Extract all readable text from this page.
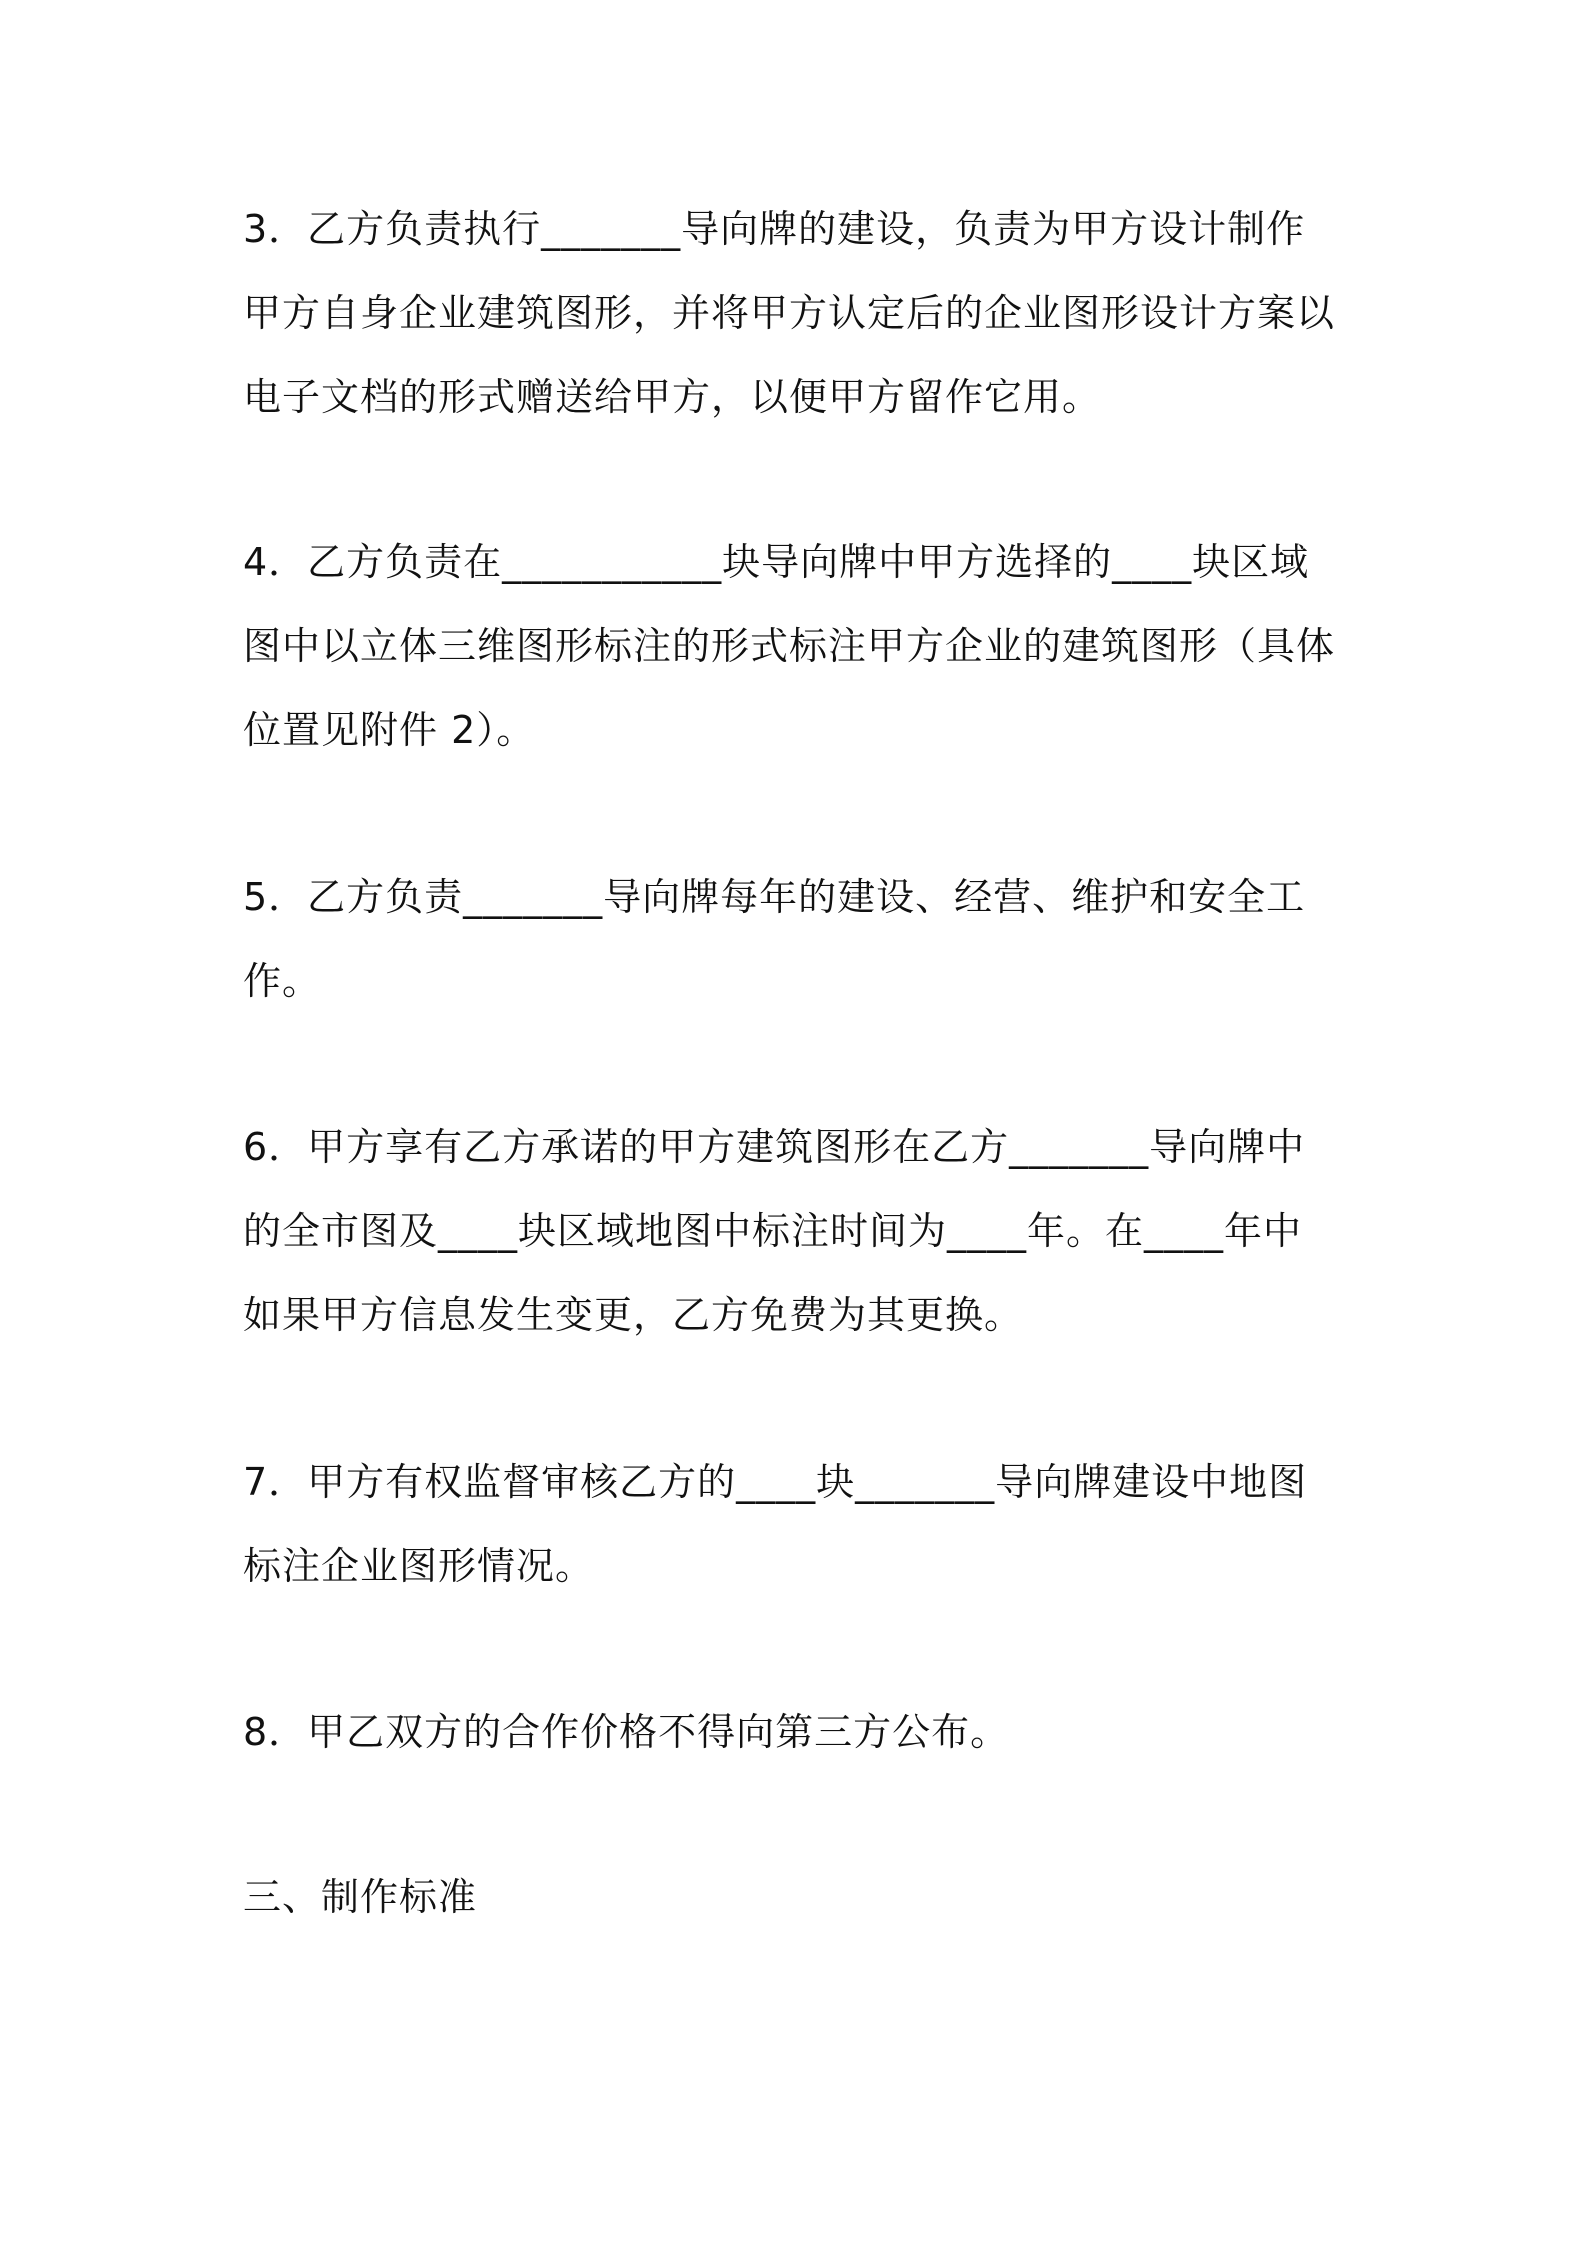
3．乙方负责执行_______导向牌的建设，负责为甲方设计制作
甲方自身企业建筑图形，并将甲方认定后的企业图形设计方案以
电子文档的形式赠送给甲方，以便甲方留作它用。
4．乙方负责在___________块导向牌中甲方选择的____块区域
图中以立体三维图形标注的形式标注甲方企业的建筑图形（具体
位置见附件 2）。
5．乙方负责_______导向牌每年的建设、经营、维护和安全工
作。
6．甲方享有乙方承诺的甲方建筑图形在乙方_______导向牌中
的全市图及____块区域地图中标注时间为____年。在____年中
如果甲方信息发生变更，乙方免费为其更换。
7．甲方有权监督审核乙方的____块_______导向牌建设中地图
标注企业图形情况。
8．甲乙双方的合作价格不得向第三方公布。
三、制作标准
